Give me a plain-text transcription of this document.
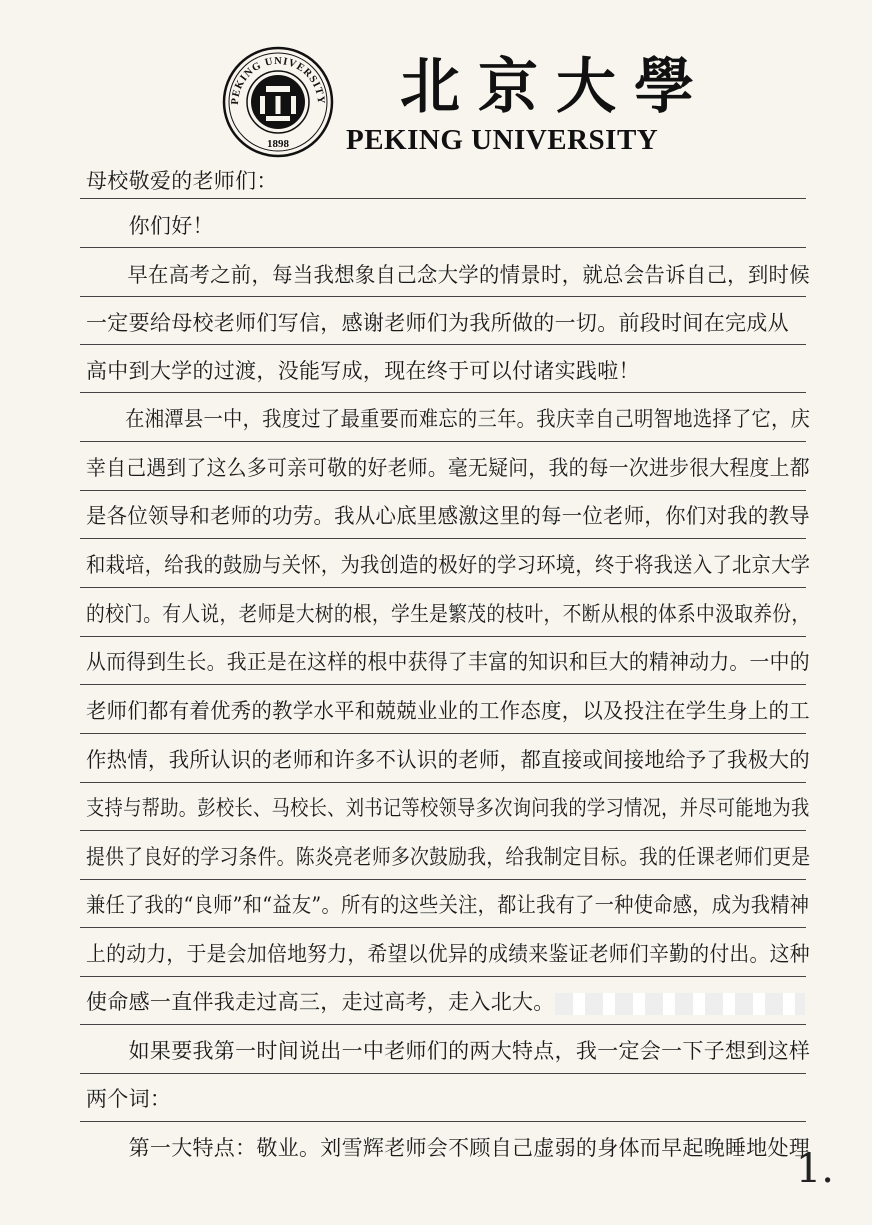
PEKING UNIVERSITY
1898
北京大學
PEKING UNIVERSITY
母校敬爱的老师们：
　　你们好！
　　早在高考之前，每当我想象自己念大学的情景时，就总会告诉自己，到时候
一定要给母校老师们写信，感谢老师们为我所做的一切。前段时间在完成从
高中到大学的过渡，没能写成，现在终于可以付诸实践啦！
　　在湘潭县一中，我度过了最重要而难忘的三年。我庆幸自己明智地选择了它，庆
幸自己遇到了这么多可亲可敬的好老师。毫无疑问，我的每一次进步很大程度上都
是各位领导和老师的功劳。我从心底里感激这里的每一位老师，你们对我的教导
和栽培，给我的鼓励与关怀，为我创造的极好的学习环境，终于将我送入了北京大学
的校门。有人说，老师是大树的根，学生是繁茂的枝叶，不断从根的体系中汲取养份，
从而得到生长。我正是在这样的根中获得了丰富的知识和巨大的精神动力。一中的
老师们都有着优秀的教学水平和兢兢业业的工作态度，以及投注在学生身上的工
作热情，我所认识的老师和许多不认识的老师，都直接或间接地给予了我极大的
支持与帮助。彭校长、马校长、刘书记等校领导多次询问我的学习情况，并尽可能地为我
提供了良好的学习条件。陈炎亮老师多次鼓励我，给我制定目标。我的任课老师们更是
兼任了我的“良师”和“益友”。所有的这些关注，都让我有了一种使命感，成为我精神
上的动力，于是会加倍地努力，希望以优异的成绩来鉴证老师们辛勤的付出。这种
使命感一直伴我走过高三，走过高考，走入北大。
　　如果要我第一时间说出一中老师们的两大特点，我一定会一下子想到这样
两个词：
　　第一大特点：敬业。刘雪辉老师会不顾自己虚弱的身体而早起晚睡地处理
1.
